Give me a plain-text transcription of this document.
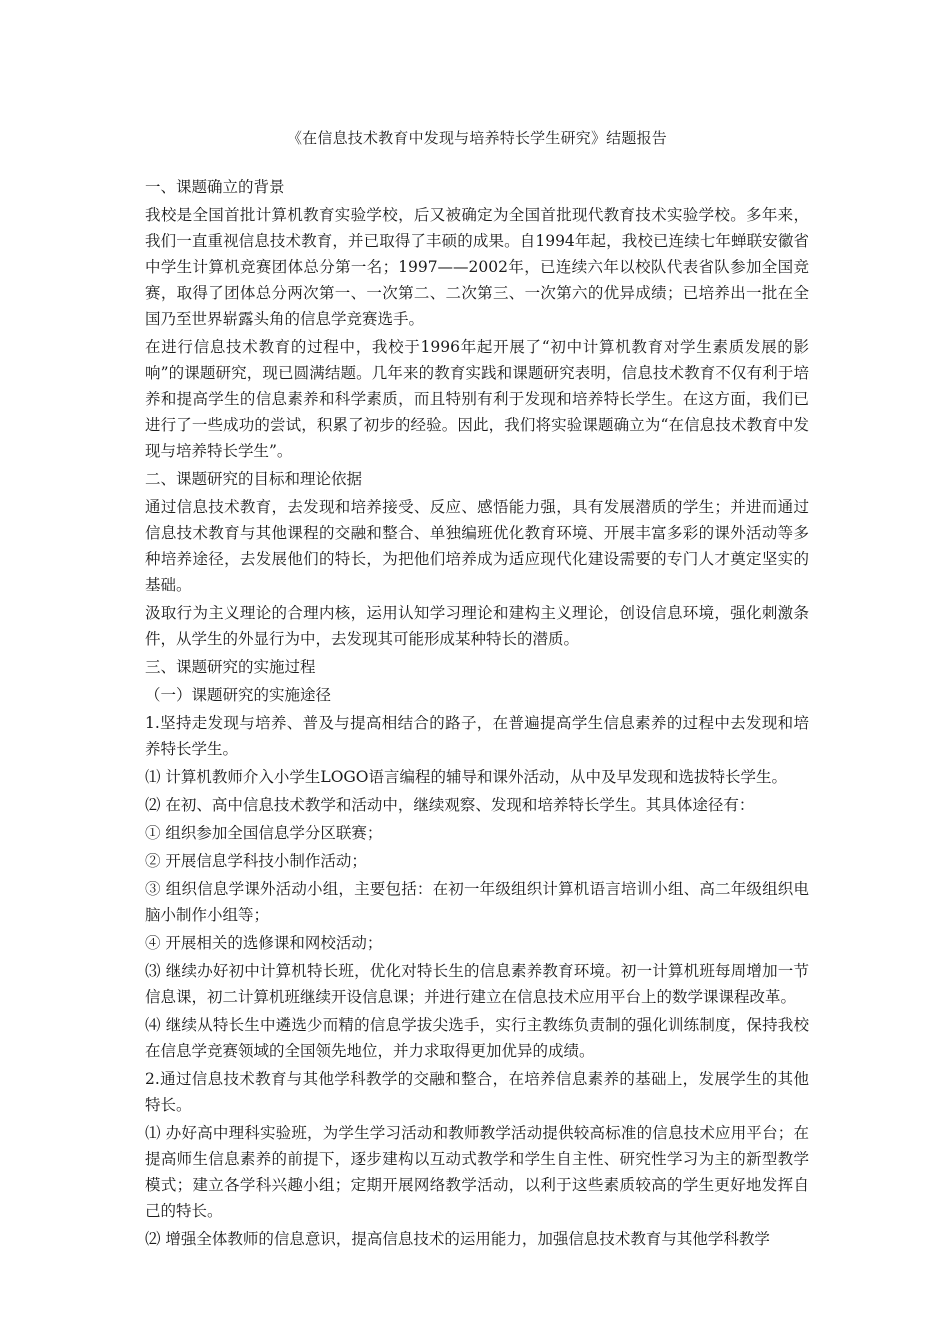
《在信息技术教育中发现与培养特长学生研究》结题报告

一、课题确立的背景

我校是全国首批计算机教育实验学校，后又被确定为全国首批现代教育技术实验学校。多年来，我们一直重视信息技术教育，并已取得了丰硕的成果。自1994年起，我校已连续七年蝉联安徽省中学生计算机竞赛团体总分第一名；1997——2002年，已连续六年以校队代表省队参加全国竞赛，取得了团体总分两次第一、一次第二、二次第三、一次第六的优异成绩；已培养出一批在全国乃至世界崭露头角的信息学竞赛选手。

在进行信息技术教育的过程中，我校于1996年起开展了“初中计算机教育对学生素质发展的影响”的课题研究，现已圆满结题。几年来的教育实践和课题研究表明，信息技术教育不仅有利于培养和提高学生的信息素养和科学素质，而且特别有利于发现和培养特长学生。在这方面，我们已进行了一些成功的尝试，积累了初步的经验。因此，我们将实验课题确立为“在信息技术教育中发现与培养特长学生”。

二、课题研究的目标和理论依据

通过信息技术教育，去发现和培养接受、反应、感悟能力强，具有发展潜质的学生；并进而通过信息技术教育与其他课程的交融和整合、单独编班优化教育环境、开展丰富多彩的课外活动等多种培养途径，去发展他们的特长，为把他们培养成为适应现代化建设需要的专门人才奠定坚实的基础。

汲取行为主义理论的合理内核，运用认知学习理论和建构主义理论，创设信息环境，强化刺激条件，从学生的外显行为中，去发现其可能形成某种特长的潜质。

三、课题研究的实施过程

（一）课题研究的实施途径

1.坚持走发现与培养、普及与提高相结合的路子，在普遍提高学生信息素养的过程中去发现和培养特长学生。

⑴ 计算机教师介入小学生LOGO语言编程的辅导和课外活动，从中及早发现和选拔特长学生。

⑵ 在初、高中信息技术教学和活动中，继续观察、发现和培养特长学生。其具体途径有：

① 组织参加全国信息学分区联赛；

② 开展信息学科技小制作活动；

③ 组织信息学课外活动小组，主要包括：在初一年级组织计算机语言培训小组、高二年级组织电脑小制作小组等；

④ 开展相关的选修课和网校活动；

⑶ 继续办好初中计算机特长班，优化对特长生的信息素养教育环境。初一计算机班每周增加一节信息课，初二计算机班继续开设信息课；并进行建立在信息技术应用平台上的数学课课程改革。

⑷ 继续从特长生中遴选少而精的信息学拔尖选手，实行主教练负责制的强化训练制度，保持我校在信息学竞赛领域的全国领先地位，并力求取得更加优异的成绩。

2.通过信息技术教育与其他学科教学的交融和整合，在培养信息素养的基础上，发展学生的其他特长。

⑴ 办好高中理科实验班，为学生学习活动和教师教学活动提供较高标准的信息技术应用平台；在提高师生信息素养的前提下，逐步建构以互动式教学和学生自主性、研究性学习为主的新型教学模式；建立各学科兴趣小组；定期开展网络教学活动，以利于这些素质较高的学生更好地发挥自己的特长。

⑵ 增强全体教师的信息意识，提高信息技术的运用能力，加强信息技术教育与其他学科教学
